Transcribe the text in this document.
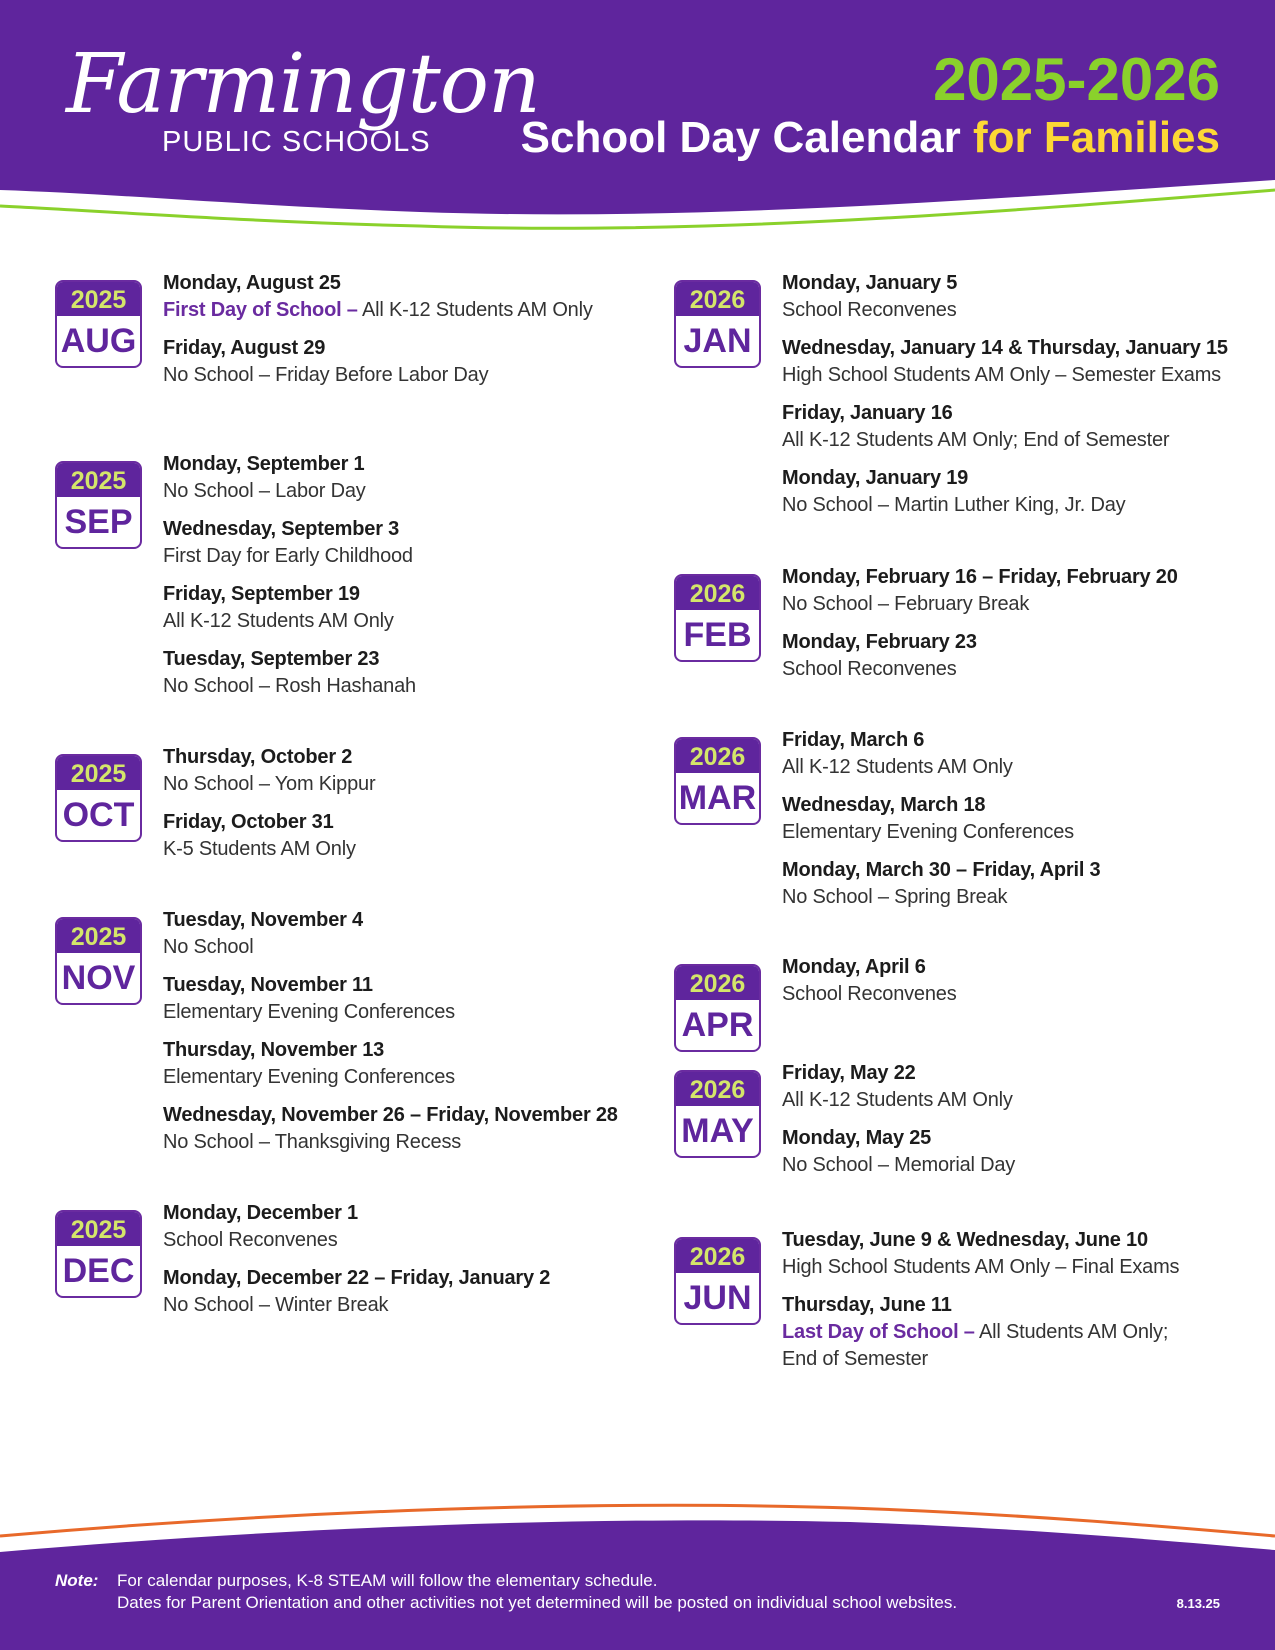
Farmington
PUBLIC SCHOOLS
2025-2026
School Day Calendar for Families
2025
AUG
Monday, August 25
First Day of School – All K-12 Students AM Only
Friday, August 29
No School – Friday Before Labor Day
2025
SEP
Monday, September 1
No School – Labor Day
Wednesday, September 3
First Day for Early Childhood
Friday, September 19
All K-12 Students AM Only
Tuesday, September 23
No School – Rosh Hashanah
2025
OCT
Thursday, October 2
No School – Yom Kippur
Friday, October 31
K-5 Students AM Only
2025
NOV
Tuesday, November 4
No School
Tuesday, November 11
Elementary Evening Conferences
Thursday, November 13
Elementary Evening Conferences
Wednesday, November 26 – Friday, November 28
No School – Thanksgiving Recess
2025
DEC
Monday, December 1
School Reconvenes
Monday, December 22 – Friday, January 2
No School – Winter Break
2026
JAN
Monday, January 5
School Reconvenes
Wednesday, January 14 & Thursday, January 15
High School Students AM Only – Semester Exams
Friday, January 16
All K-12 Students AM Only; End of Semester
Monday, January 19
No School – Martin Luther King, Jr. Day
2026
FEB
Monday, February 16 – Friday, February 20
No School – February Break
Monday, February 23
School Reconvenes
2026
MAR
Friday, March 6
All K-12 Students AM Only
Wednesday, March 18
Elementary Evening Conferences
Monday, March 30 – Friday, April 3
No School – Spring Break
2026
APR
Monday, April 6
School Reconvenes
2026
MAY
Friday, May 22
All K-12 Students AM Only
Monday, May 25
No School – Memorial Day
2026
JUN
Tuesday, June 9 & Wednesday, June 10
High School Students AM Only – Final Exams
Thursday, June 11
Last Day of School – All Students AM Only; End of Semester
Note: For calendar purposes, K-8 STEAM will follow the elementary schedule.
Dates for Parent Orientation and other activities not yet determined will be posted on individual school websites.	8.13.25
